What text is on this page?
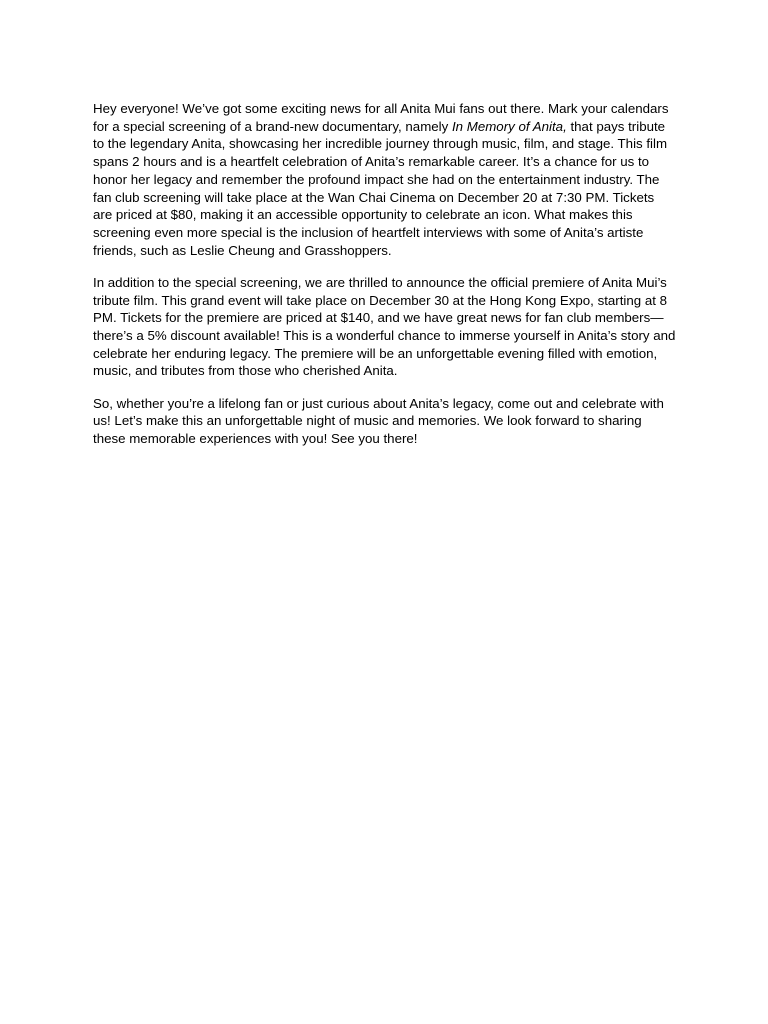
Hey everyone! We’ve got some exciting news for all Anita Mui fans out there. Mark your calendars for a special screening of a brand-new documentary, namely In Memory of Anita, that pays tribute to the legendary Anita, showcasing her incredible journey through music, film, and stage. This film spans 2 hours and is a heartfelt celebration of Anita’s remarkable career. It’s a chance for us to honor her legacy and remember the profound impact she had on the entertainment industry. The fan club screening will take place at the Wan Chai Cinema on December 20 at 7:30 PM. Tickets are priced at $80, making it an accessible opportunity to celebrate an icon. What makes this screening even more special is the inclusion of heartfelt interviews with some of Anita’s artiste friends, such as Leslie Cheung and Grasshoppers.

In addition to the special screening, we are thrilled to announce the official premiere of Anita Mui’s tribute film. This grand event will take place on December 30 at the Hong Kong Expo, starting at 8 PM. Tickets for the premiere are priced at $140, and we have great news for fan club members—there’s a 5% discount available! This is a wonderful chance to immerse yourself in Anita’s story and celebrate her enduring legacy. The premiere will be an unforgettable evening filled with emotion, music, and tributes from those who cherished Anita.

So, whether you’re a lifelong fan or just curious about Anita’s legacy, come out and celebrate with us! Let’s make this an unforgettable night of music and memories. We look forward to sharing these memorable experiences with you! See you there!
